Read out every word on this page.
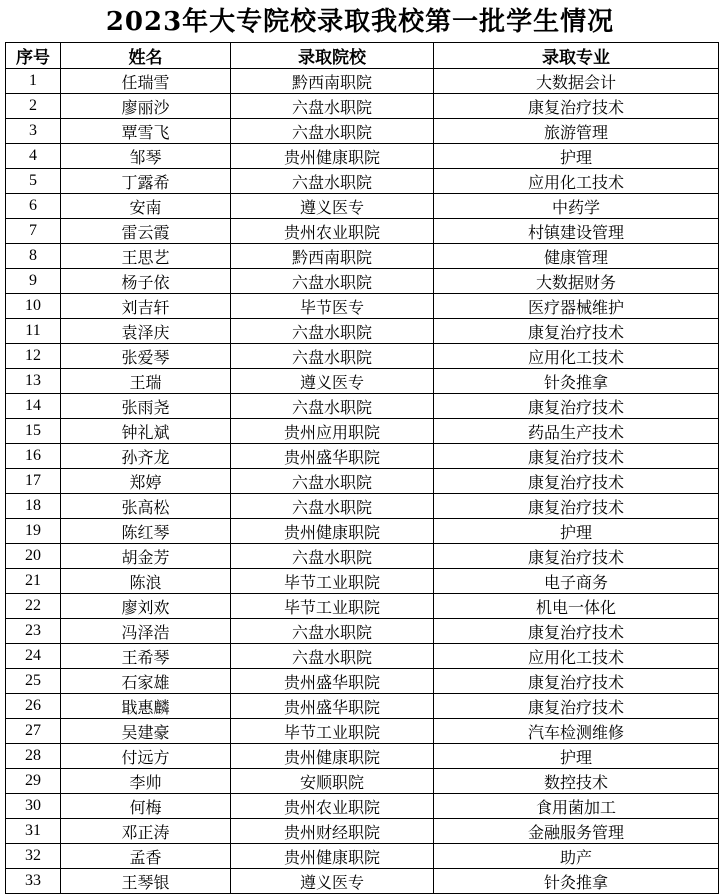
2023年大专院校录取我校第一批学生情况
序号	姓名	录取院校	录取专业
1	任瑞雪	黔西南职院	大数据会计
2	廖丽沙	六盘水职院	康复治疗技术
3	覃雪飞	六盘水职院	旅游管理
4	邹琴	贵州健康职院	护理
5	丁露希	六盘水职院	应用化工技术
6	安南	遵义医专	中药学
7	雷云霞	贵州农业职院	村镇建设管理
8	王思艺	黔西南职院	健康管理
9	杨子依	六盘水职院	大数据财务
10	刘吉轩	毕节医专	医疗器械维护
11	袁泽庆	六盘水职院	康复治疗技术
12	张爱琴	六盘水职院	应用化工技术
13	王瑞	遵义医专	针灸推拿
14	张雨尧	六盘水职院	康复治疗技术
15	钟礼斌	贵州应用职院	药品生产技术
16	孙齐龙	贵州盛华职院	康复治疗技术
17	郑婷	六盘水职院	康复治疗技术
18	张高松	六盘水职院	康复治疗技术
19	陈红琴	贵州健康职院	护理
20	胡金芳	六盘水职院	康复治疗技术
21	陈浪	毕节工业职院	电子商务
22	廖刘欢	毕节工业职院	机电一体化
23	冯泽浩	六盘水职院	康复治疗技术
24	王希琴	六盘水职院	应用化工技术
25	石家雄	贵州盛华职院	康复治疗技术
26	戢惠麟	贵州盛华职院	康复治疗技术
27	吴建豪	毕节工业职院	汽车检测维修
28	付远方	贵州健康职院	护理
29	李帅	安顺职院	数控技术
30	何梅	贵州农业职院	食用菌加工
31	邓正涛	贵州财经职院	金融服务管理
32	孟香	贵州健康职院	助产
33	王琴银	遵义医专	针灸推拿
